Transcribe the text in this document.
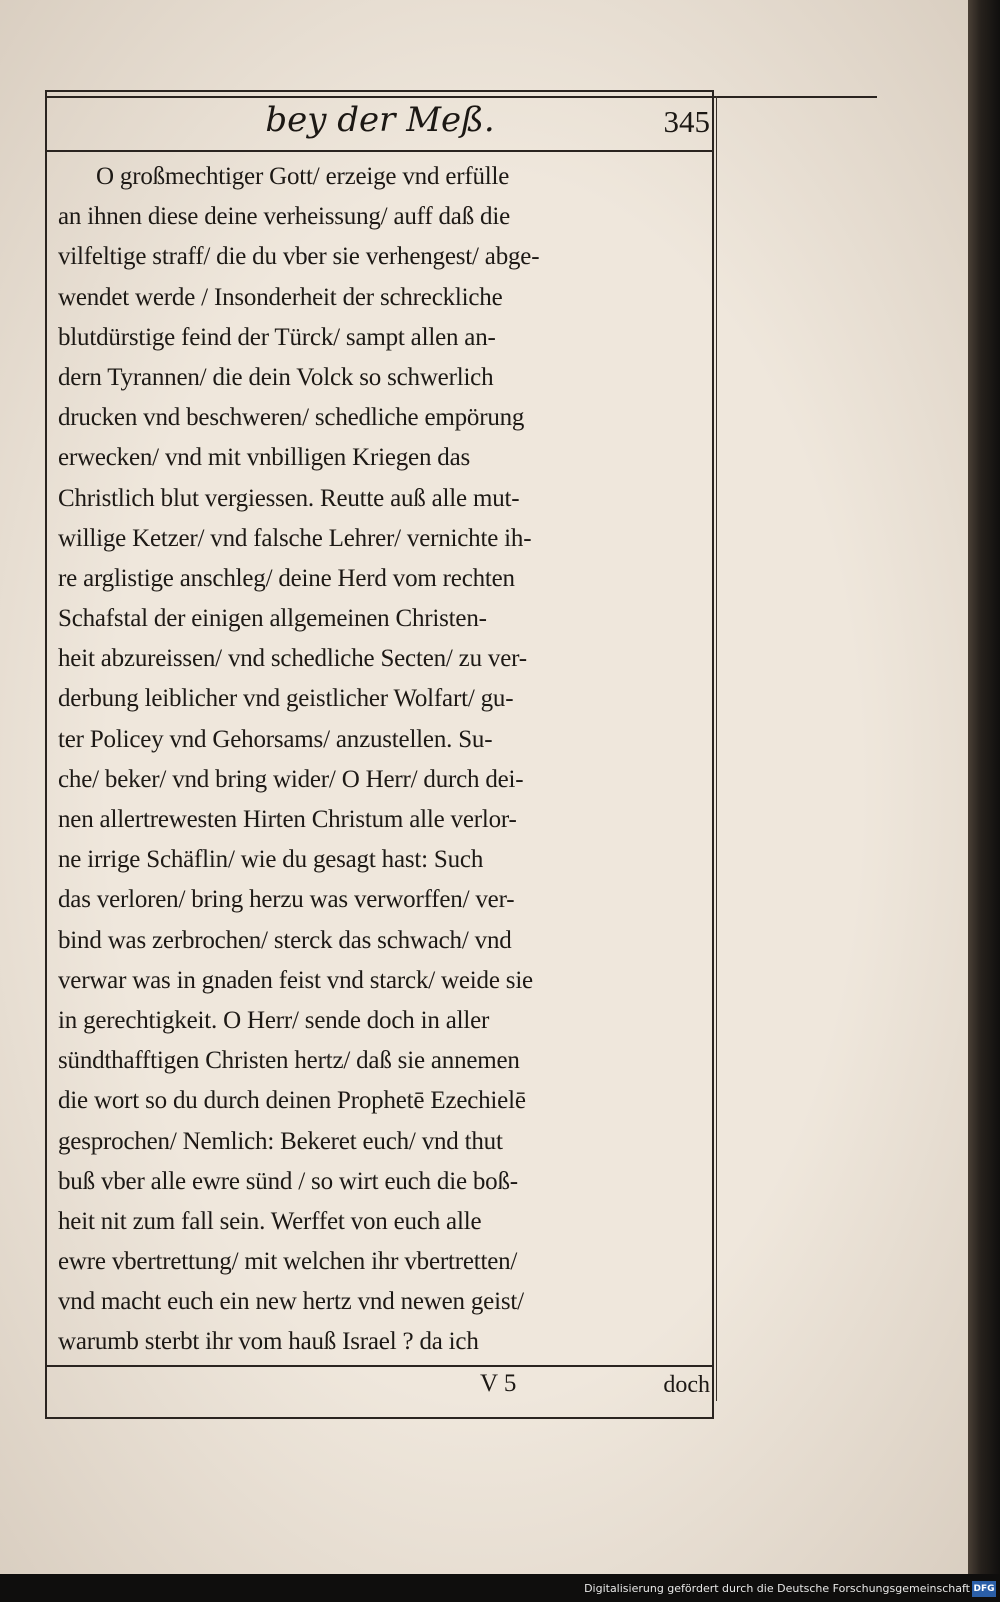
bey der Meß.	345
O großmechtiger Gott/ erzeige vnd erfülle
an ihnen diese deine verheissung/ auff daß die
vilfeltige straff/ die du vber sie verhengest/ abge-
wendet werde / Insonderheit der schreckliche
blutdürstige feind der Türck/ sampt allen an-
dern Tyrannen/ die dein Volck so schwerlich
drucken vnd beschweren/ schedliche empörung
erwecken/ vnd mit vnbilligen Kriegen das
Christlich blut vergiessen. Reutte auß alle mut-
willige Ketzer/ vnd falsche Lehrer/ vernichte ih-
re arglistige anschleg/ deine Herd vom rechten
Schafstal der einigen allgemeinen Christen-
heit abzureissen/ vnd schedliche Secten/ zu ver-
derbung leiblicher vnd geistlicher Wolfart/ gu-
ter Policey vnd Gehorsams/ anzustellen. Su-
che/ beker/ vnd bring wider/ O Herr/ durch dei-
nen allertrewesten Hirten Christum alle verlor-
ne irrige Schäflin/ wie du gesagt hast: Such
das verloren/ bring herzu was verworffen/ ver-
bind was zerbrochen/ sterck das schwach/ vnd
verwar was in gnaden feist vnd starck/ weide sie
in gerechtigkeit. O Herr/ sende doch in aller
sündthafftigen Christen hertz/ daß sie annemen
die wort so du durch deinen Prophetē Ezechielē
gesprochen/ Nemlich: Bekeret euch/ vnd thut
buß vber alle ewre sünd / so wirt euch die boß-
heit nit zum fall sein. Werffet von euch alle
ewre vbertrettung/ mit welchen ihr vbertretten/
vnd macht euch ein new hertz vnd newen geist/
warumb sterbt ihr vom hauß Israel ? da ich
V 5	doch
Digitalisierung gefördert durch die Deutsche Forschungsgemeinschaft DFG
